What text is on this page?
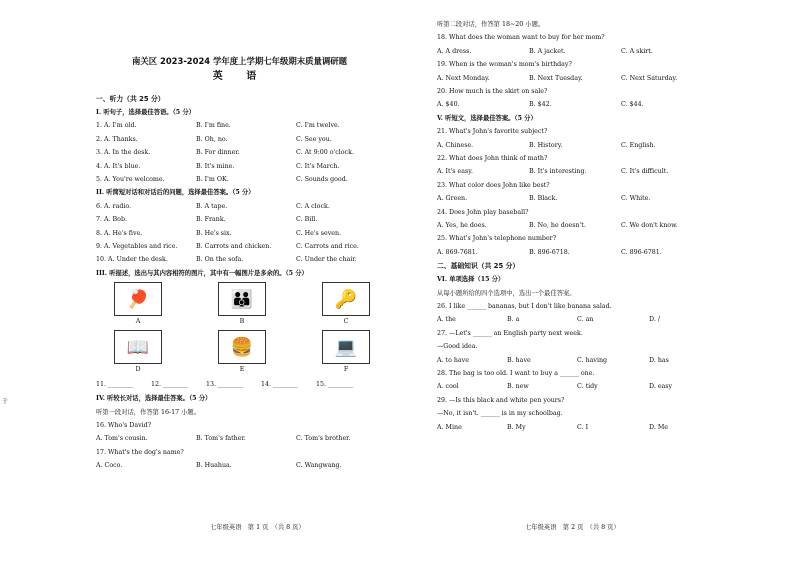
南关区 2023-2024 学年度上学期七年级期末质量调研题
英 语
一、听力（共 25 分）
I. 听句子，选择最佳答语。（5 分）
1. A. I'm old.	B. I'm fine.	C. I'm twelve.
2. A. Thanks.	B. Oh, no.	C. See you.
3. A. In the desk.	B. For dinner.	C. At 9:00 o'clock.
4. A. It's blue.	B. It's mine.	C. It's March.
5. A. You're welcome.	B. I'm OK.	C. Sounds good.
II. 听简短对话和对话后的问题，选择最佳答案。（5 分）
6. A. radio.	B. A tape.	C. A clock.
7. A. Bob.	B. Frank.	C. Bill.
8. A. He's five.	B. He's six.	C. He's seven.
9. A. Vegetables and rice.	B. Carrots and chicken.	C. Carrots and rice.
10. A. Under the desk.	B. On the sofa.	C. Under the chair.
III. 听描述，选出与其内容相符的图片，其中有一幅图片是多余的。（5 分）
🏓
A
👪
B
🔑
C
📖
D
🍔
E
💻
F
11. ________	12. ________	13. ________	14. ________	15. ________
IV. 听较长对话，选择最佳答案。（5 分）
听第一段对话，作答第 16-17 小题。
16. Who's David?
A. Tom's cousin.	B. Tom's father.	C. Tom's brother.
17. What's the dog's name?
A. Coco.	B. Huahua.	C. Wangwang.
七年级英语　第 1 页　（共 8 页）
于
听第二段对话，作答第 18~20 小题。
18. What does the woman want to buy for her mom?
A. A dress.	B. A jacket.	C. A skirt.
19. When is the woman's mom's birthday?
A. Next Monday.	B. Next Tuesday.	C. Next Saturday.
20. How much is the skirt on sale?
A. $40.	B. $42.	C. $44.
V. 听短文，选择最佳答案。（5 分）
21. What's John's favorite subject?
A. Chinese.	B. History.	C. English.
22. What does John think of math?
A. It's easy.	B. It's interesting.	C. It's difficult.
23. What color does John like best?
A. Green.	B. Black.	C. White.
24. Does John play baseball?
A. Yes, he does.	B. No, he doesn't.	C. We don't know.
25. What's John's telephone number?
A. 869-7681.	B. 896-6718.	C. 896-6781.
二、基础知识（共 25 分）
VI. 单项选择（15 分）
从每小题所给的四个选项中，选出一个最佳答案。
26. I like ______ bananas, but I don't like banana salad.
A. the	B. a	C. an	D. /
27. —Let's ______ an English party next week.
—Good idea.
A. to have	B. have	C. having	D. has
28. The bag is too old. I want to buy a ______ one.
A. cool	B. new	C. tidy	D. easy
29. —Is this black and white pen yours?
—No, it isn't. ______ is in my schoolbag.
A. Mine	B. My	C. I	D. Me
七年级英语　第 2 页　（共 8 页）
